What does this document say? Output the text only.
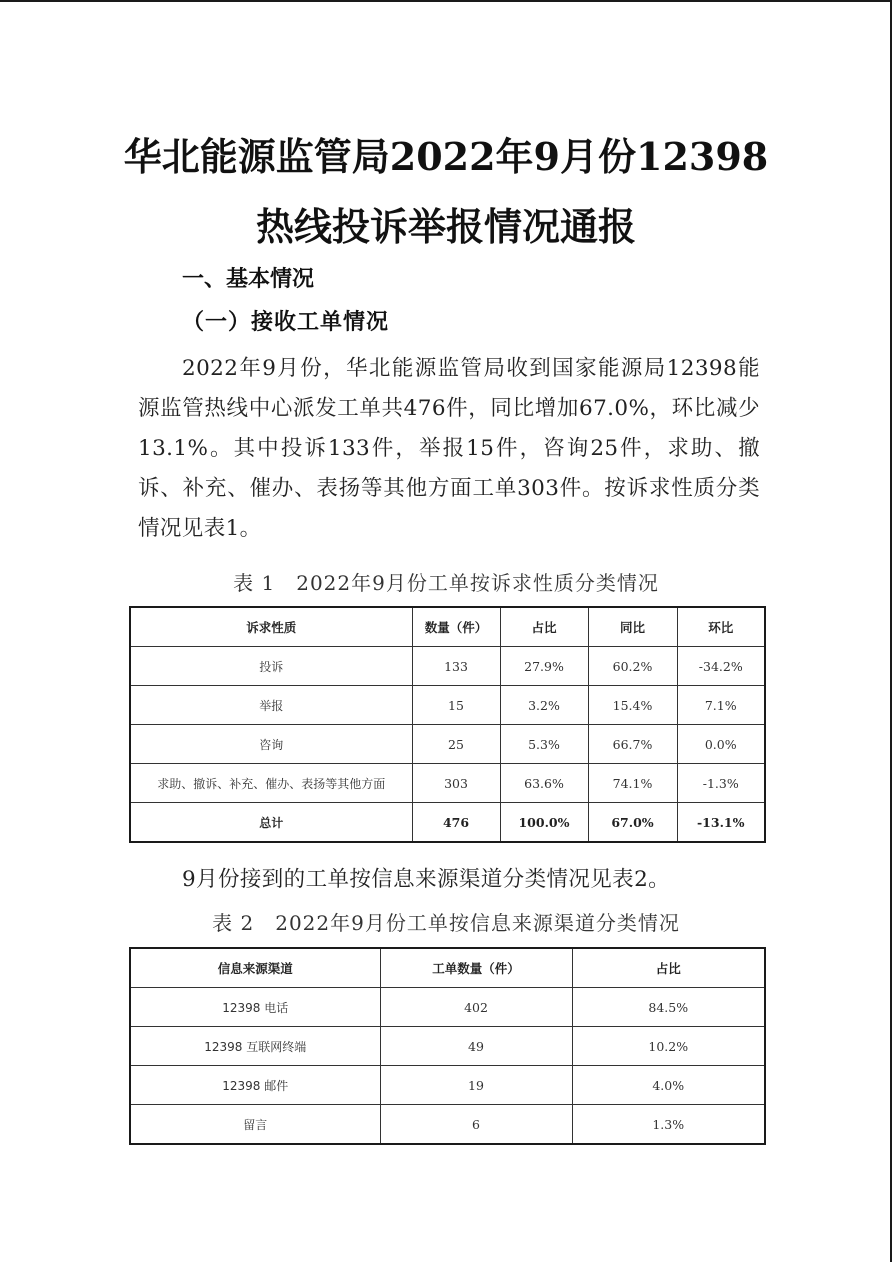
华北能源监管局2022年9月份12398
热线投诉举报情况通报
一、基本情况
（一）接收工单情况

2022年9月份，华北能源监管局收到国家能源局12398能源监管热线中心派发工单共476件，同比增加67.0%，环比减少13.1%。其中投诉133件，举报15件，咨询25件，求助、撤诉、补充、催办、表扬等其他方面工单303件。按诉求性质分类情况见表1。

表 1　2022年9月份工单按诉求性质分类情况
诉求性质	数量（件）	占比	同比	环比
投诉	133	27.9%	60.2%	-34.2%
举报	15	3.2%	15.4%	7.1%
咨询	25	5.3%	66.7%	0.0%
求助、撤诉、补充、催办、表扬等其他方面	303	63.6%	74.1%	-1.3%
总计	476	100.0%	67.0%	-13.1%

9月份接到的工单按信息来源渠道分类情况见表2。

表 2　2022年9月份工单按信息来源渠道分类情况
信息来源渠道	工单数量（件）	占比
12398 电话	402	84.5%
12398 互联网终端	49	10.2%
12398 邮件	19	4.0%
留言	6	1.3%
